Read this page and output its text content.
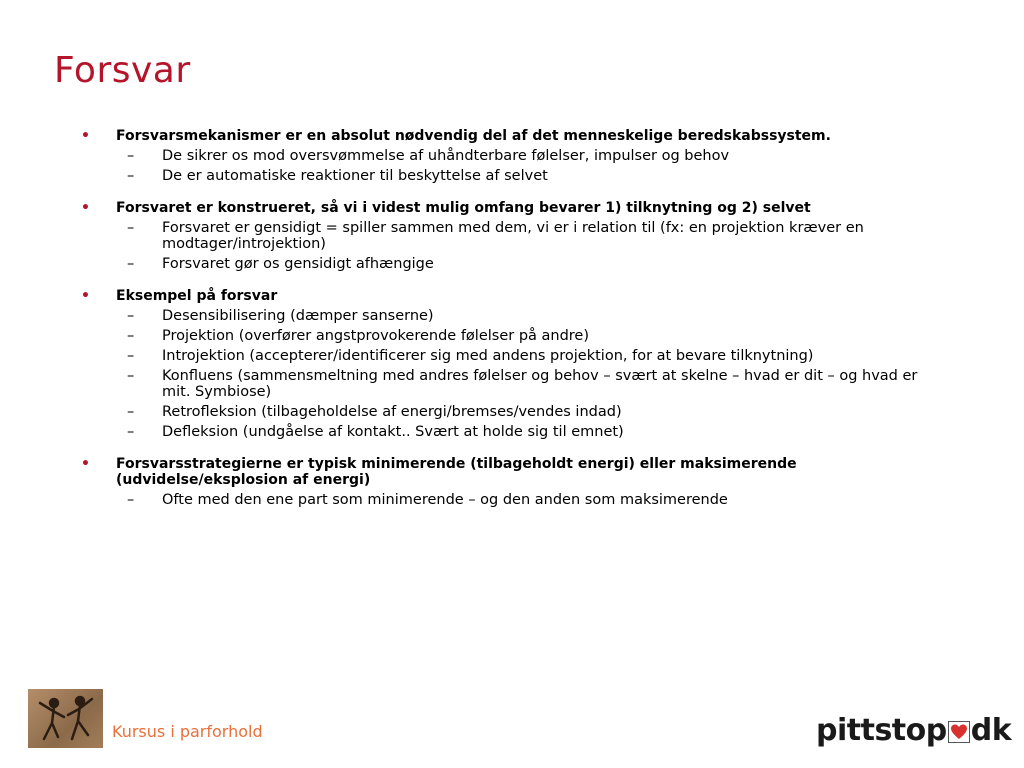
Forsvar
• Forsvarsmekanismer er en absolut nødvendig del af det menneskelige beredskabssystem.
– De sikrer os mod oversvømmelse af uhåndterbare følelser, impulser og behov
– De er automatiske reaktioner til beskyttelse af selvet
• Forsvaret er konstrueret, så vi i videst mulig omfang bevarer 1) tilknytning og 2) selvet
– Forsvaret er gensidigt = spiller sammen med dem, vi er i relation til (fx: en projektion kræver en modtager/introjektion)
– Forsvaret gør os gensidigt afhængige
• Eksempel på forsvar
– Desensibilisering (dæmper sanserne)
– Projektion (overfører angstprovokerende følelser på andre)
– Introjektion (accepterer/identificerer sig med andens projektion, for at bevare tilknytning)
– Konfluens (sammensmeltning med andres følelser og behov – svært at skelne – hvad er dit – og hvad er mit. Symbiose)
– Retrofleksion (tilbageholdelse af energi/bremses/vendes indad)
– Defleksion (undgåelse af kontakt.. Svært at holde sig til emnet)
• Forsvarsstrategierne er typisk minimerende (tilbageholdt energi) eller maksimerende (udvidelse/eksplosion af energi)
– Ofte med den ene part som minimerende – og den anden som maksimerende
Kursus i parforhold	pittstop dk
